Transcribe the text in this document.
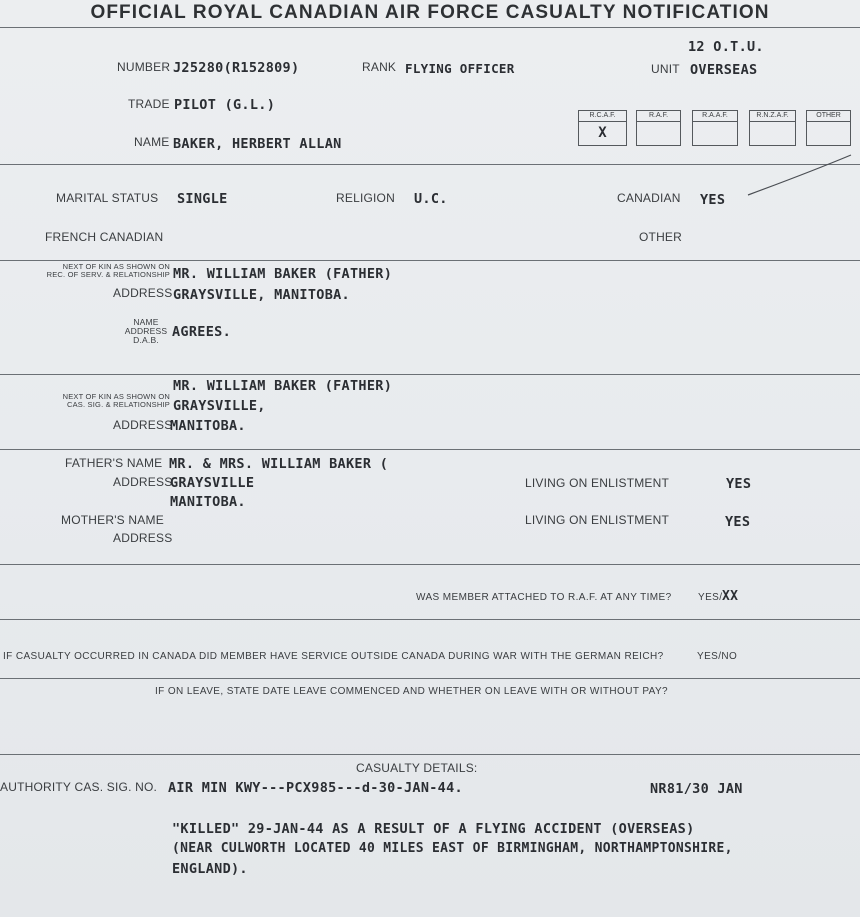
OFFICIAL ROYAL CANADIAN AIR FORCE CASUALTY NOTIFICATION
NUMBER J25280(R152809)	RANK FLYING OFFICER
12 O.T.U.
UNIT OVERSEAS
TRADE PILOT (G.L.)
NAME BAKER, HERBERT ALLAN
R.C.A.F.
X
R.A.F.	R.A.A.F.	R.N.Z.A.F.	OTHER
MARITAL STATUS SINGLE	RELIGION U.C.	CANADIAN YES
FRENCH CANADIAN	OTHER
NEXT OF KIN AS SHOWN ON
REC. OF SERV. & RELATIONSHIP MR. WILLIAM BAKER (FATHER)
ADDRESS GRAYSVILLE, MANITOBA.
NAME
ADDRESS
D.A.B. AGREES.
MR. WILLIAM BAKER (FATHER)
NEXT OF KIN AS SHOWN ON
CAS. SIG. & RELATIONSHIP GRAYSVILLE,
ADDRESS
MANITOBA.
FATHER'S NAME MR. & MRS. WILLIAM BAKER (
ADDRESS
GRAYSVILLE
MANITOBA.
LIVING ON ENLISTMENT	YES
MOTHER'S NAME	LIVING ON ENLISTMENT	YES
ADDRESS
WAS MEMBER ATTACHED TO R.A.F. AT ANY TIME?	YES/ XX
IF CASUALTY OCCURRED IN CANADA DID MEMBER HAVE SERVICE OUTSIDE CANADA DURING WAR WITH THE GERMAN REICH?	YES/NO
IF ON LEAVE, STATE DATE LEAVE COMMENCED AND WHETHER ON LEAVE WITH OR WITHOUT PAY?
CASUALTY DETAILS:
AUTHORITY CAS. SIG. NO. AIR MIN KWY---PCX985---d-30-JAN-44.	NR81/30 JAN
"KILLED" 29-JAN-44 AS A RESULT OF A FLYING ACCIDENT (OVERSEAS)
(NEAR CULWORTH LOCATED 40 MILES EAST OF BIRMINGHAM, NORTHAMPTONSHIRE,
ENGLAND).
